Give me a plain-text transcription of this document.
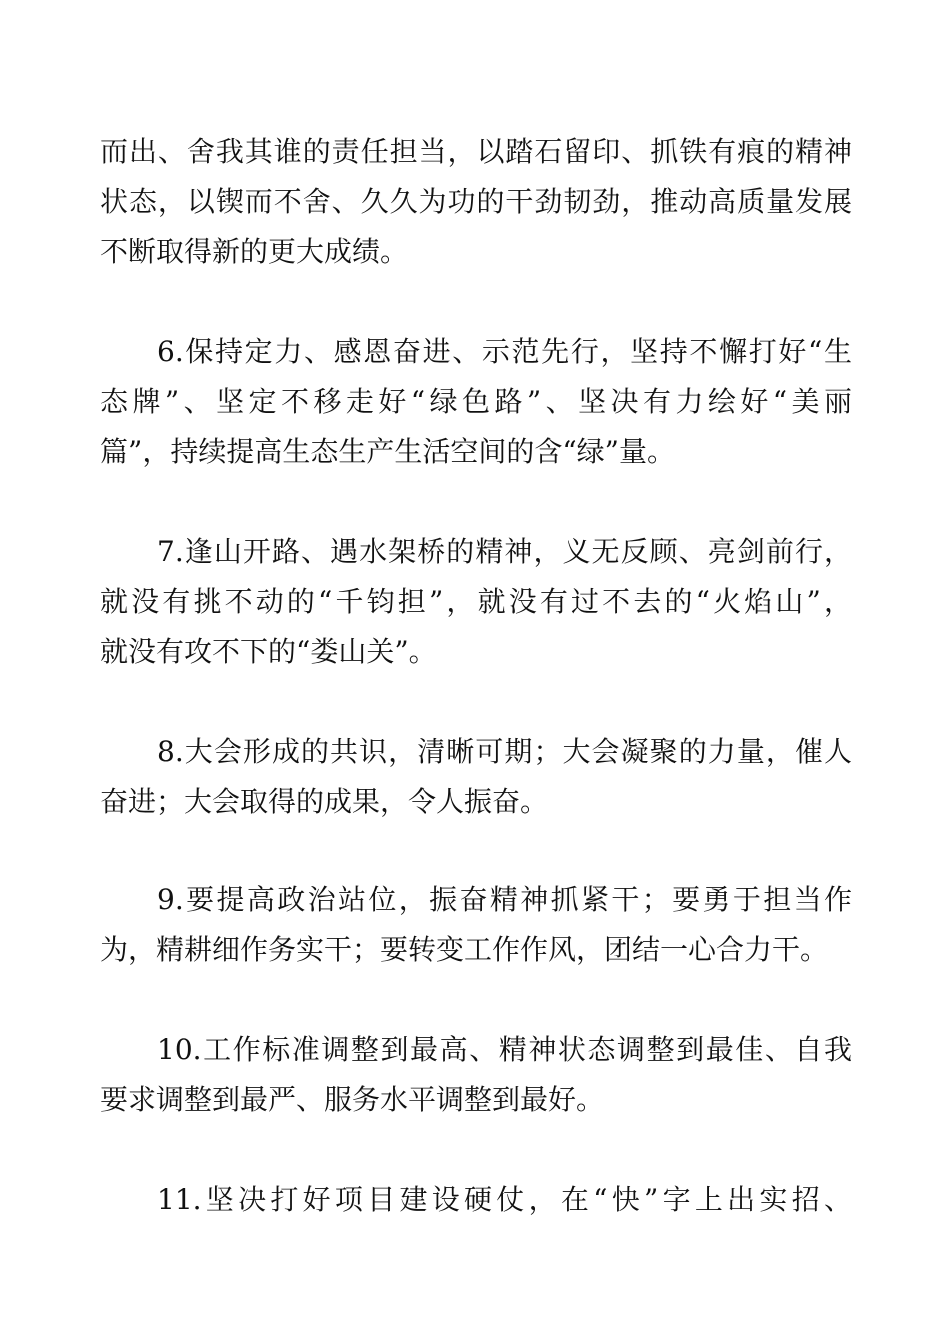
而出、舍我其谁的责任担当，以踏石留印、抓铁有痕的精神

状态，以锲而不舍、久久为功的干劲韧劲，推动高质量发展

不断取得新的更大成绩。

6.保持定力、感恩奋进、示范先行，坚持不懈打好“生

态牌”、坚定不移走好“绿色路”、坚决有力绘好“美丽

篇”，持续提高生态生产生活空间的含“绿”量。

7.逢山开路、遇水架桥的精神，义无反顾、亮剑前行，

就没有挑不动的“千钧担”，就没有过不去的“火焰山”，

就没有攻不下的“娄山关”。

8.大会形成的共识，清晰可期；大会凝聚的力量，催人

奋进；大会取得的成果，令人振奋。

9.要提高政治站位，振奋精神抓紧干；要勇于担当作

为，精耕细作务实干；要转变工作作风，团结一心合力干。

10.工作标准调整到最高、精神状态调整到最佳、自我

要求调整到最严、服务水平调整到最好。

11.坚决打好项目建设硬仗，在“快”字上出实招、
